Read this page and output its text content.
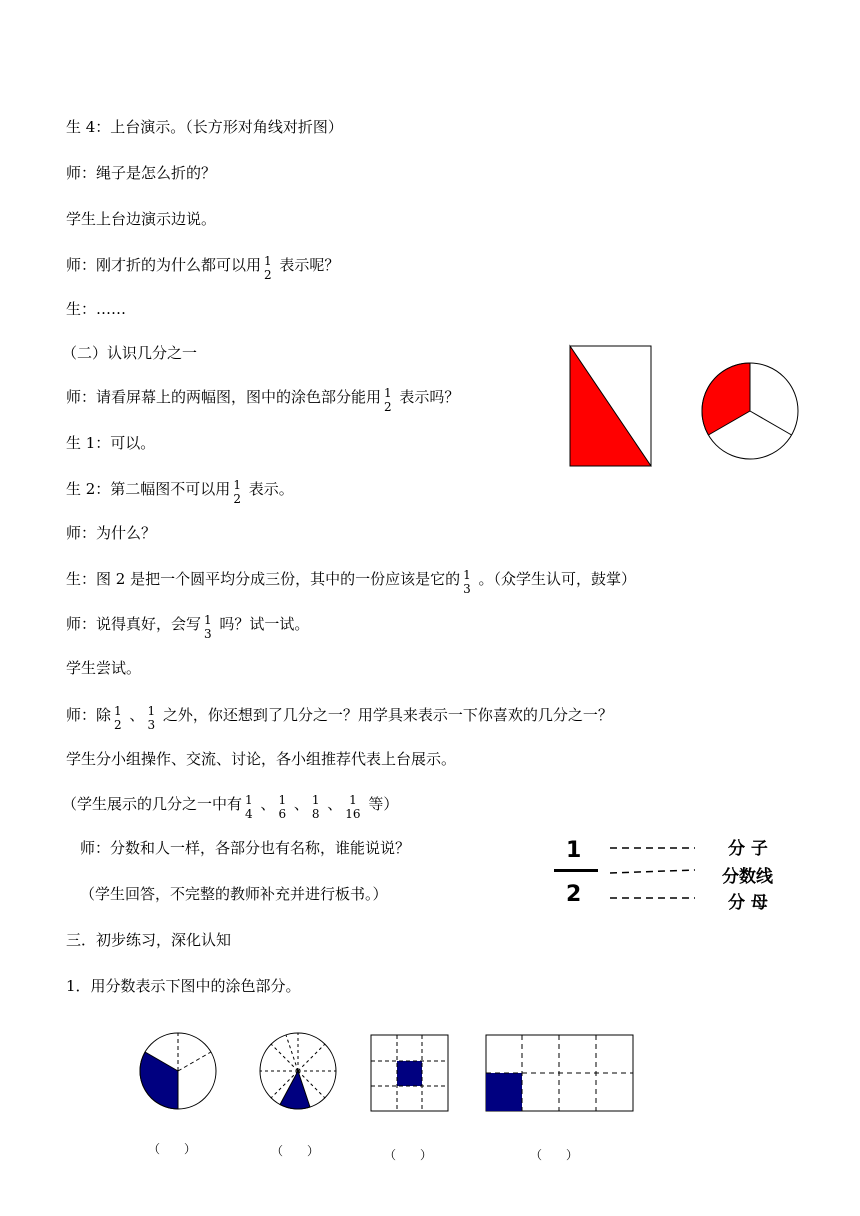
生 4：上台演示。（长方形对角线对折图）
师：绳子是怎么折的？
学生上台边演示边说。
师：刚才折的为什么都可以用 1
2
表示呢？
生：……
（二）认识几分之一
师：请看屏幕上的两幅图，图中的涂色部分能用 1
2
表示吗？
生 1：可以。
生 2：第二幅图不可以用 1
2
表示。
师：为什么？
生：图 2 是把一个圆平均分成三份，其中的一份应该是它的 1
3
。（众学生认可，鼓掌）
师：说得真好，会写 1
3
吗？试一试。
学生尝试。
师：除 1
2
、 1
3
之外，你还想到了几分之一？用学具来表示一下你喜欢的几分之一？
学生分小组操作、交流、讨论，各小组推荐代表上台展示。
（学生展示的几分之一中有 1
4
、 1
6
、 1
8
、 1
16
等）
师：分数和人一样，各部分也有名称，谁能说说？
（学生回答，不完整的教师补充并进行板书。）
三．初步练习，深化认知
1．用分数表示下图中的涂色部分。
1
2
分 子
分数线
分 母
（　　）	（　　）	（　　）	（　　）
